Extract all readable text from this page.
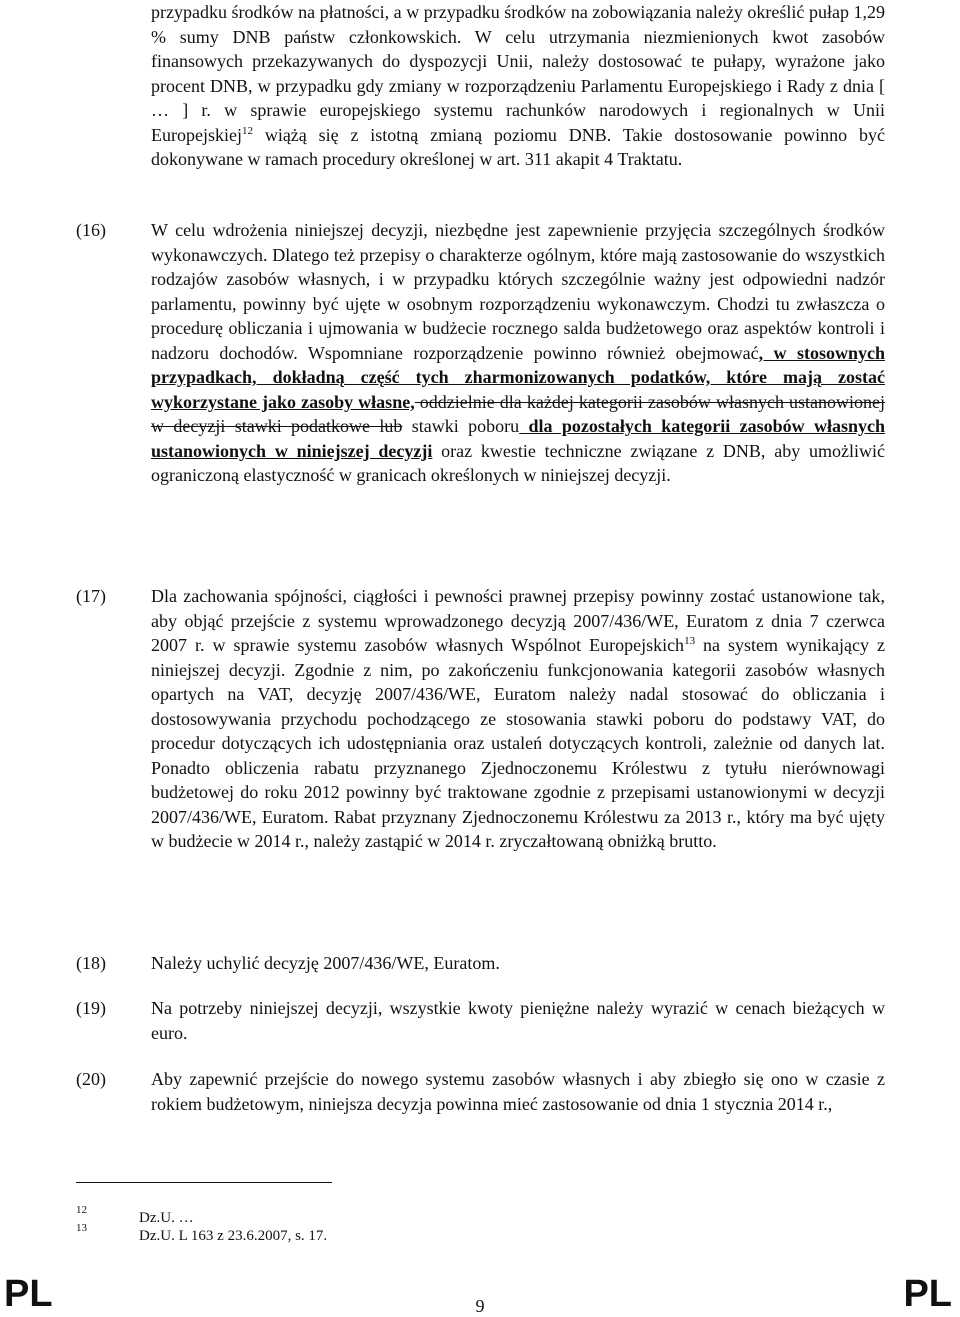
przypadku środków na płatności, a w przypadku środków na zobowiązania należy określić pułap 1,29 % sumy DNB państw członkowskich. W celu utrzymania niezmienionych kwot zasobów finansowych przekazywanych do dyspozycji Unii, należy dostosować te pułapy, wyrażone jako procent DNB, w przypadku gdy zmiany w rozporządzeniu Parlamentu Europejskiego i Rady z dnia [ … ] r. w sprawie europejskiego systemu rachunków narodowych i regionalnych w Unii Europejskiej$^{12}$ wiążą się z istotną zmianą poziomu DNB. Takie dostosowanie powinno być dokonywane w ramach procedury określonej w art. 311 akapit 4 Traktatu.
(16)	W celu wdrożenia niniejszej decyzji, niezbędne jest zapewnienie przyjęcia szczególnych środków wykonawczych. Dlatego też przepisy o charakterze ogólnym, które mają zastosowanie do wszystkich rodzajów zasobów własnych, i w przypadku których szczególnie ważny jest odpowiedni nadzór parlamentu, powinny być ujęte w osobnym rozporządzeniu wykonawczym. Chodzi tu zwłaszcza o procedurę obliczania i ujmowania w budżecie rocznego salda budżetowego oraz aspektów kontroli i nadzoru dochodów. Wspomniane rozporządzenie powinno również obejmować, w stosownych przypadkach, dokładną część tych zharmonizowanych podatków, które mają zostać wykorzystane jako zasoby własne, oddzielnie dla każdej kategorii zasobów własnych ustanowionej w decyzji stawki podatkowe lub stawki poboru dla pozostałych kategorii zasobów własnych ustanowionych w niniejszej decyzji oraz kwestie techniczne związane z DNB, aby umożliwić ograniczoną elastyczność w granicach określonych w niniejszej decyzji.
(17)	Dla zachowania spójności, ciągłości i pewności prawnej przepisy powinny zostać ustanowione tak, aby objąć przejście z systemu wprowadzonego decyzją 2007/436/WE, Euratom z dnia 7 czerwca 2007 r. w sprawie systemu zasobów własnych Wspólnot Europejskich$^{13}$ na system wynikający z niniejszej decyzji. Zgodnie z nim, po zakończeniu funkcjonowania kategorii zasobów własnych opartych na VAT, decyzję 2007/436/WE, Euratom należy nadal stosować do obliczania i dostosowywania przychodu pochodzącego ze stosowania stawki poboru do podstawy VAT, do procedur dotyczących ich udostępniania oraz ustaleń dotyczących kontroli, zależnie od danych lat. Ponadto obliczenia rabatu przyznanego Zjednoczonemu Królestwu z tytułu nierównowagi budżetowej do roku 2012 powinny być traktowane zgodnie z przepisami ustanowionymi w decyzji 2007/436/WE, Euratom. Rabat przyznany Zjednoczonemu Królestwu za 2013 r., który ma być ujęty w budżecie w 2014 r., należy zastąpić w 2014 r. zryczałtowaną obniżką brutto.
(18)	Należy uchylić decyzję 2007/436/WE, Euratom.
(19)	Na potrzeby niniejszej decyzji, wszystkie kwoty pieniężne należy wyrazić w cenach bieżących w euro.
(20)	Aby zapewnić przejście do nowego systemu zasobów własnych i aby zbiegło się ono w czasie z rokiem budżetowym, niniejsza decyzja powinna mieć zastosowanie od dnia 1 stycznia 2014 r.,
12	Dz.U. …
13	Dz.U. L 163 z 23.6.2007, s. 17.
PL	9	PL
